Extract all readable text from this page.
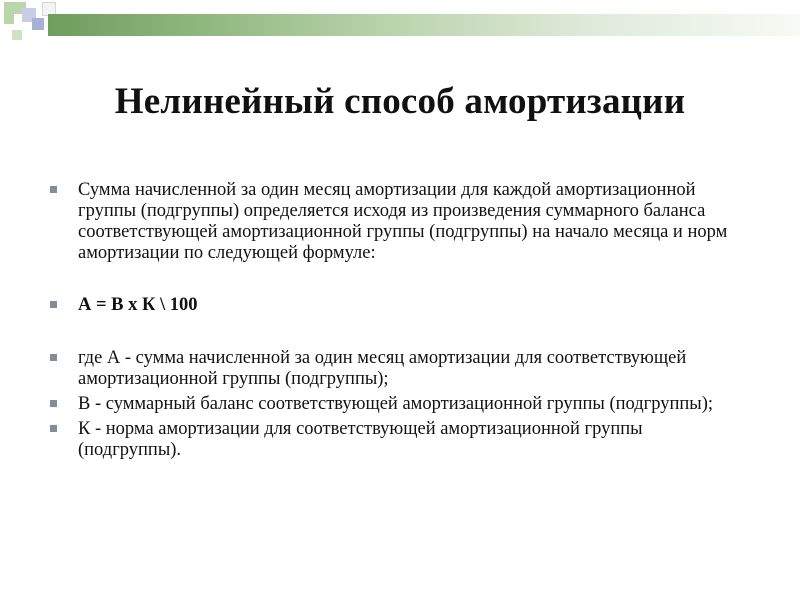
Нелинейный способ амортизации
Сумма начисленной за один месяц амортизации для каждой амортизационной группы (подгруппы) определяется исходя из произведения суммарного баланса соответствующей амортизационной группы (подгруппы) на начало месяца и норм амортизации по следующей формуле:
А = В х К \ 100
где А - сумма начисленной за один месяц амортизации для соответствующей амортизационной группы (подгруппы);
В - суммарный баланс соответствующей амортизационной группы (подгруппы);
К - норма амортизации для соответствующей амортизационной группы (подгруппы).
